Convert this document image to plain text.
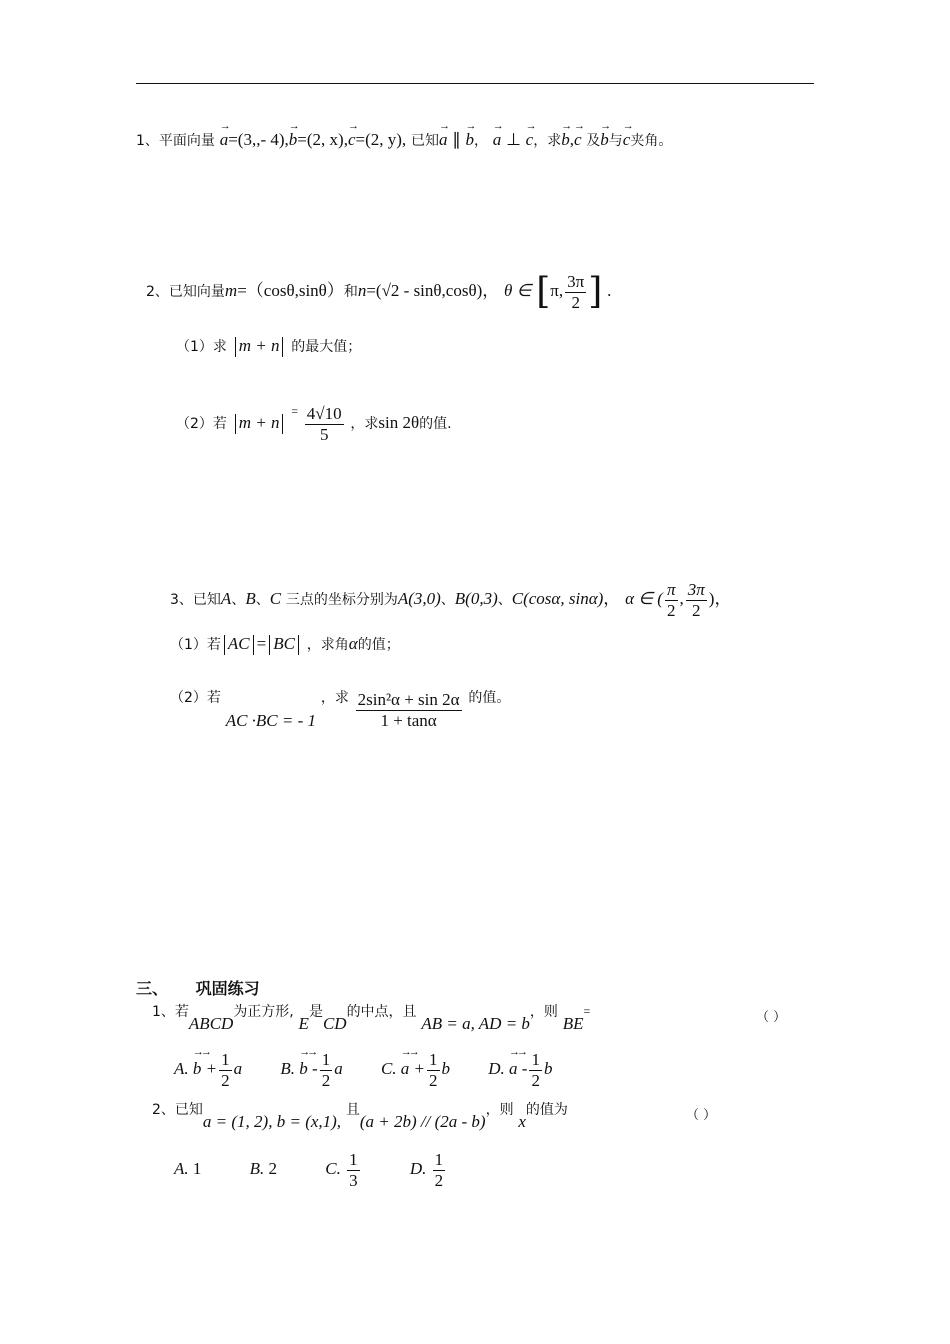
1、平面向量 → a=(3,,- 4),→ b=(2, x),→ c=(2, y), 已知→ a ∥ → b， → a ⊥ → c，求→ b,→ c 及→ b与→ c夹角。
2、已知向量m=（cosθ,sinθ）和n=(√2 - sinθ,cosθ)， θ ∈ [π, $\frac{3\pi}{2}$ ] .
（1）求 m + n 的最大值；
（2）若 m + n $^= \frac{4√10}{5}$ ，求sin 2θ的值.
3、已知A、B、C 三点的坐标分别为A(3,0)、B(0,3)、C(cosα, sinα)， α ∈ ( $\frac{\pi}{2}$ , $\frac{3\pi}{2}$ )，
（1）若 AC = BC ，求角α的值；
（2）若 AC ·BC = - 1 ，求 $\frac{\text{2sin²α + sin 2α}}{1 + \tan\alpha}$ 的值。
三、 巩固练习
1、若ABCD为正方形, E是CD的中点，且 AB = a, AD = b，则 BE=	（ ）
A. →→ $b + \frac{1}{2}$ a B. →→ b - $\frac{1}{2}$ a C. →→ $a + \frac{1}{2}$ b D. →→ a - $\frac{1}{2}$ b
2、已知a = (1, 2), b = (x,1), 且(a + 2b) // (2a - b)，则 x的值为	（ ）
A. 1	B. 2	C. $\frac{1}{3}$	D. $\frac{1}{2}$
